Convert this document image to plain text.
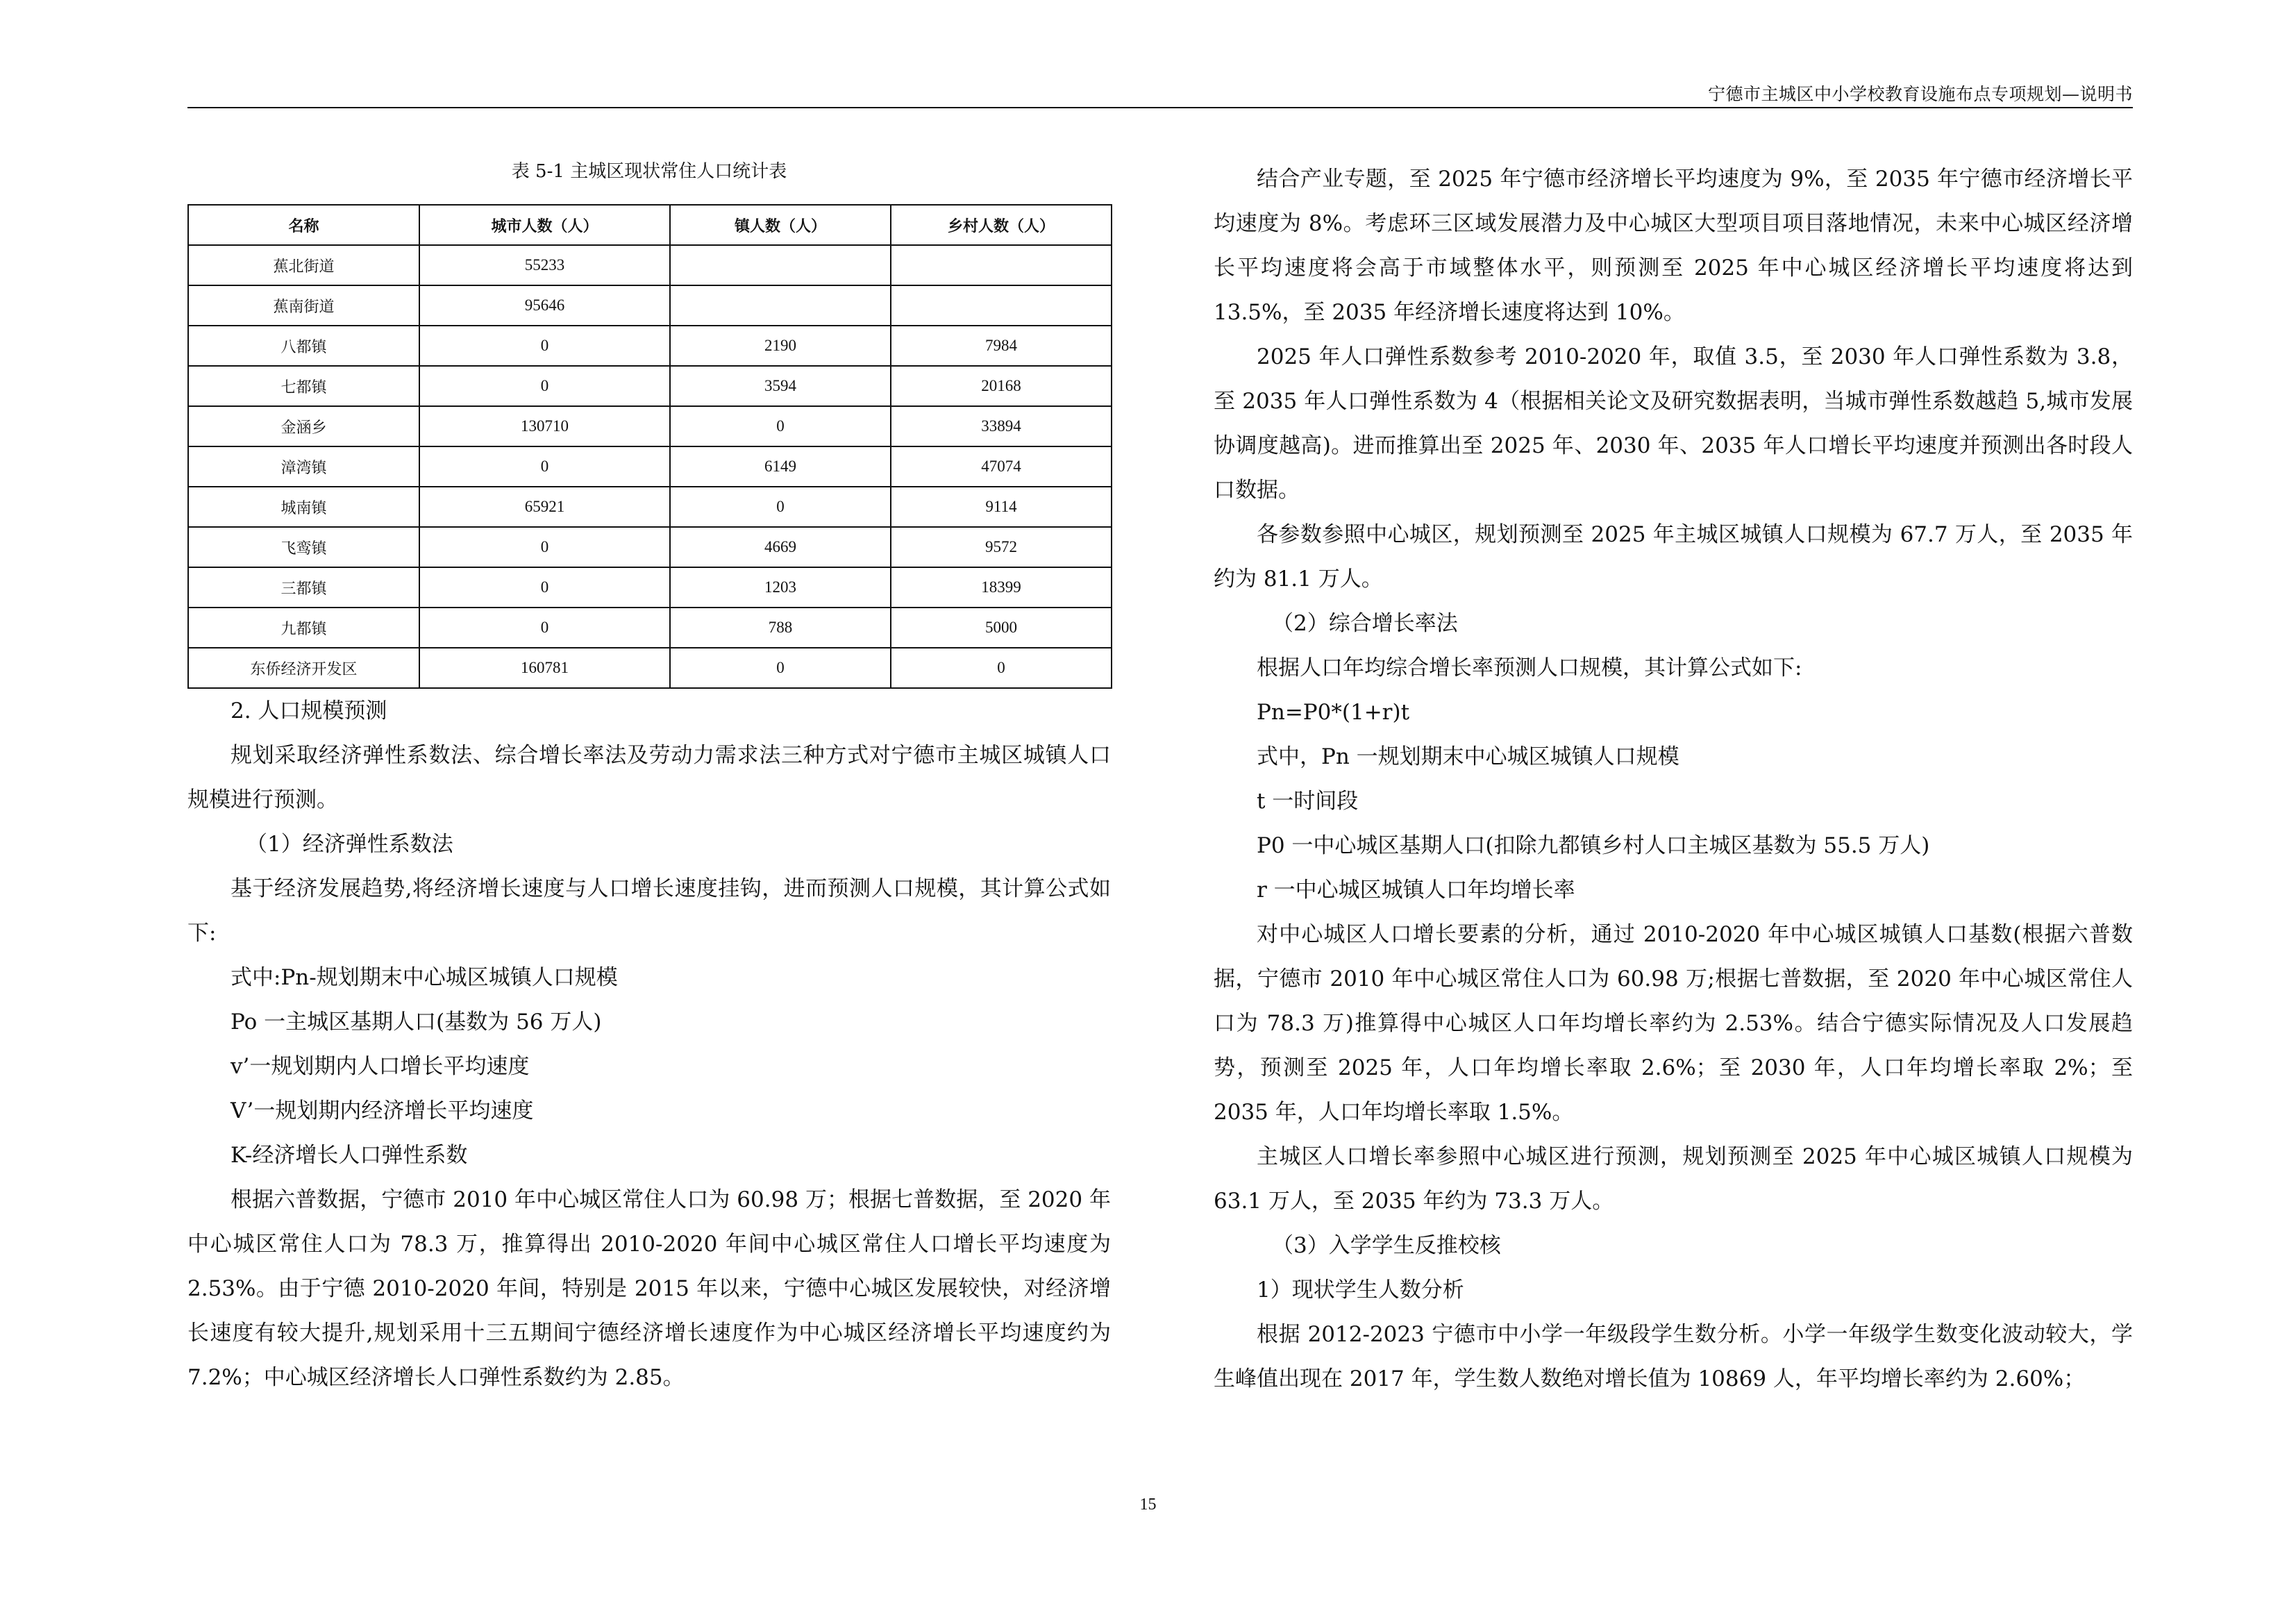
宁德市主城区中小学校教育设施布点专项规划—说明书
表 5-1 主城区现状常住人口统计表
名称	城市人数（人）	镇人数（人）	乡村人数（人）
蕉北街道	55233		
蕉南街道	95646		
八都镇	0	2190	7984
七都镇	0	3594	20168
金涵乡	130710	0	33894
漳湾镇	0	6149	47074
城南镇	65921	0	9114
飞鸾镇	0	4669	9572
三都镇	0	1203	18399
九都镇	0	788	5000
东侨经济开发区	160781	0	0

2. 人口规模预测

规划采取经济弹性系数法、综合增长率法及劳动力需求法三种方式对宁德市主城区城镇人口规模进行预测。

（1）经济弹性系数法

基于经济发展趋势,将经济增长速度与人口增长速度挂钩，进而预测人口规模，其计算公式如下:

式中:Pn-规划期末中心城区城镇人口规模

Po 一主城区基期人口(基数为 56 万人)

v’一规划期内人口增长平均速度

V’一规划期内经济增长平均速度

K-经济增长人口弹性系数

根据六普数据，宁德市 2010 年中心城区常住人口为 60.98 万；根据七普数据，至 2020 年中心城区常住人口为 78.3 万，推算得出 2010-2020 年间中心城区常住人口增长平均速度为 2.53%。由于宁德 2010-2020 年间，特别是 2015 年以来，宁德中心城区发展较快，对经济增长速度有较大提升,规划采用十三五期间宁德经济增长速度作为中心城区经济增长平均速度约为 7.2%；中心城区经济增长人口弹性系数约为 2.85。

结合产业专题，至 2025 年宁德市经济增长平均速度为 9%，至 2035 年宁德市经济增长平均速度为 8%。考虑环三区域发展潜力及中心城区大型项目项目落地情况，未来中心城区经济增长平均速度将会高于市域整体水平，则预测至 2025 年中心城区经济增长平均速度将达到 13.5%，至 2035 年经济增长速度将达到 10%。

2025 年人口弹性系数参考 2010-2020 年，取值 3.5，至 2030 年人口弹性系数为 3.8，至 2035 年人口弹性系数为 4（根据相关论文及研究数据表明，当城市弹性系数越趋 5,城市发展协调度越高)。进而推算出至 2025 年、2030 年、2035 年人口增长平均速度并预测出各时段人口数据。

各参数参照中心城区，规划预测至 2025 年主城区城镇人口规模为 67.7 万人，至 2035 年约为 81.1 万人。

（2）综合增长率法

根据人口年均综合增长率预测人口规模，其计算公式如下:

Pn=P0*(1+r)t

式中，Pn 一规划期末中心城区城镇人口规模

t 一时间段

P0 一中心城区基期人口(扣除九都镇乡村人口主城区基数为 55.5 万人)

r 一中心城区城镇人口年均增长率

对中心城区人口增长要素的分析，通过 2010-2020 年中心城区城镇人口基数(根据六普数据，宁德市 2010 年中心城区常住人口为 60.98 万;根据七普数据，至 2020 年中心城区常住人口为 78.3 万)推算得中心城区人口年均增长率约为 2.53%。结合宁德实际情况及人口发展趋势，预测至 2025 年，人口年均增长率取 2.6%；至 2030 年，人口年均增长率取 2%；至 2035 年，人口年均增长率取 1.5%。

主城区人口增长率参照中心城区进行预测，规划预测至 2025 年中心城区城镇人口规模为 63.1 万人，至 2035 年约为 73.3 万人。

（3）入学学生反推校核

1）现状学生人数分析

根据 2012-2023 宁德市中小学一年级段学生数分析。小学一年级学生数变化波动较大，学生峰值出现在 2017 年，学生数人数绝对增长值为 10869 人，年平均增长率约为 2.60%；

15
